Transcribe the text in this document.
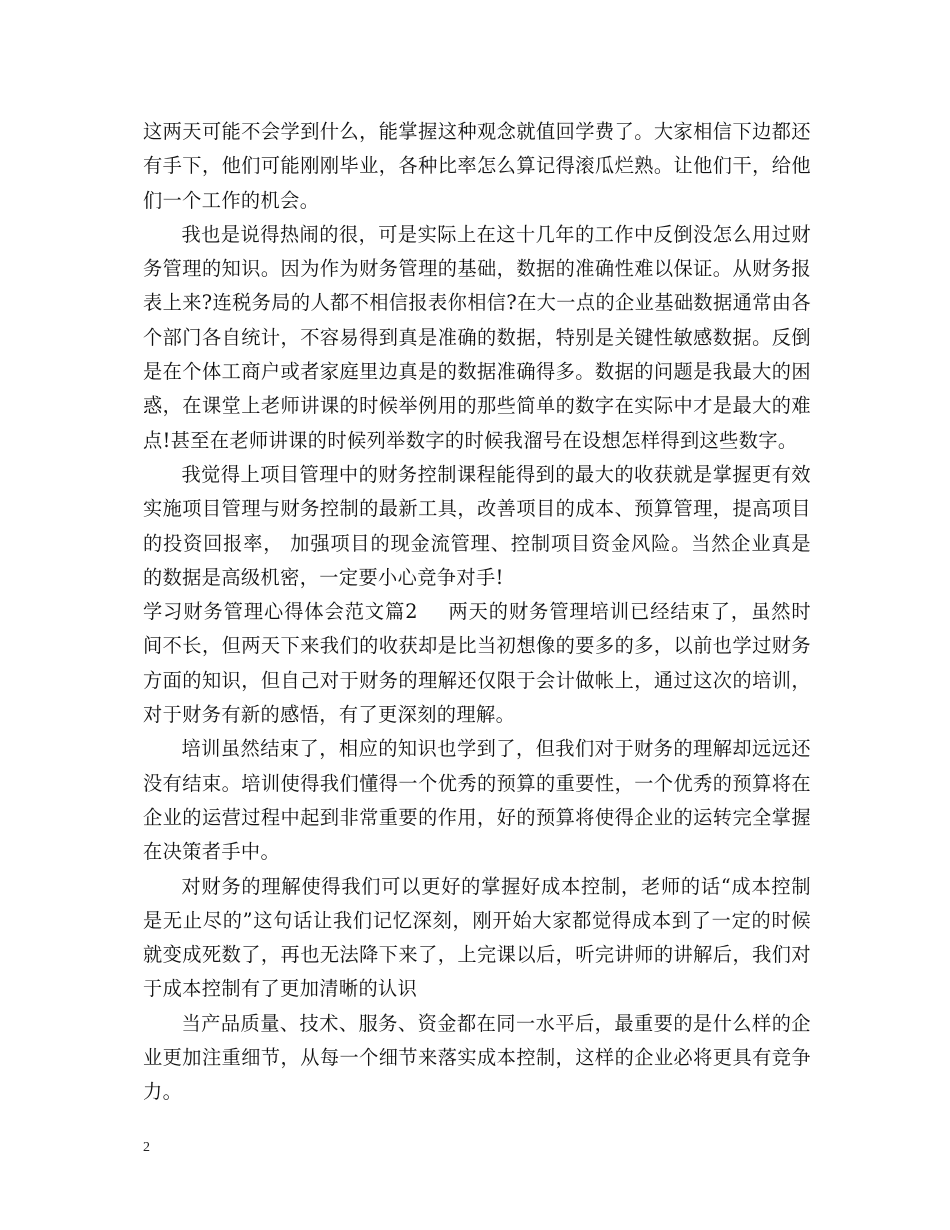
这两天可能不会学到什么，能掌握这种观念就值回学费了。大家相信下边都还有手下，他们可能刚刚毕业，各种比率怎么算记得滚瓜烂熟。让他们干，给他们一个工作的机会。

我也是说得热闹的很，可是实际上在这十几年的工作中反倒没怎么用过财务管理的知识。因为作为财务管理的基础，数据的准确性难以保证。从财务报表上来?连税务局的人都不相信报表你相信?在大一点的企业基础数据通常由各个部门各自统计，不容易得到真是准确的数据，特别是关键性敏感数据。反倒是在个体工商户或者家庭里边真是的数据准确得多。数据的问题是我最大的困惑，在课堂上老师讲课的时候举例用的那些简单的数字在实际中才是最大的难点!甚至在老师讲课的时候列举数字的时候我溜号在设想怎样得到这些数字。

我觉得上项目管理中的财务控制课程能得到的最大的收获就是掌握更有效实施项目管理与财务控制的最新工具，改善项目的成本、预算管理，提高项目的投资回报率， 加强项目的现金流管理、控制项目资金风险。当然企业真是的数据是高级机密，一定要小心竞争对手!

学习财务管理心得体会范文篇2 两天的财务管理培训已经结束了，虽然时间不长，但两天下来我们的收获却是比当初想像的要多的多，以前也学过财务方面的知识，但自己对于财务的理解还仅限于会计做帐上，通过这次的培训，对于财务有新的感悟，有了更深刻的理解。

培训虽然结束了，相应的知识也学到了，但我们对于财务的理解却远远还没有结束。培训使得我们懂得一个优秀的预算的重要性，一个优秀的预算将在企业的运营过程中起到非常重要的作用，好的预算将使得企业的运转完全掌握在决策者手中。

对财务的理解使得我们可以更好的掌握好成本控制，老师的话“成本控制是无止尽的”这句话让我们记忆深刻，刚开始大家都觉得成本到了一定的时候就变成死数了，再也无法降下来了，上完课以后，听完讲师的讲解后，我们对于成本控制有了更加清晰的认识

当产品质量、技术、服务、资金都在同一水平后，最重要的是什么样的企业更加注重细节，从每一个细节来落实成本控制，这样的企业必将更具有竞争力。

2
